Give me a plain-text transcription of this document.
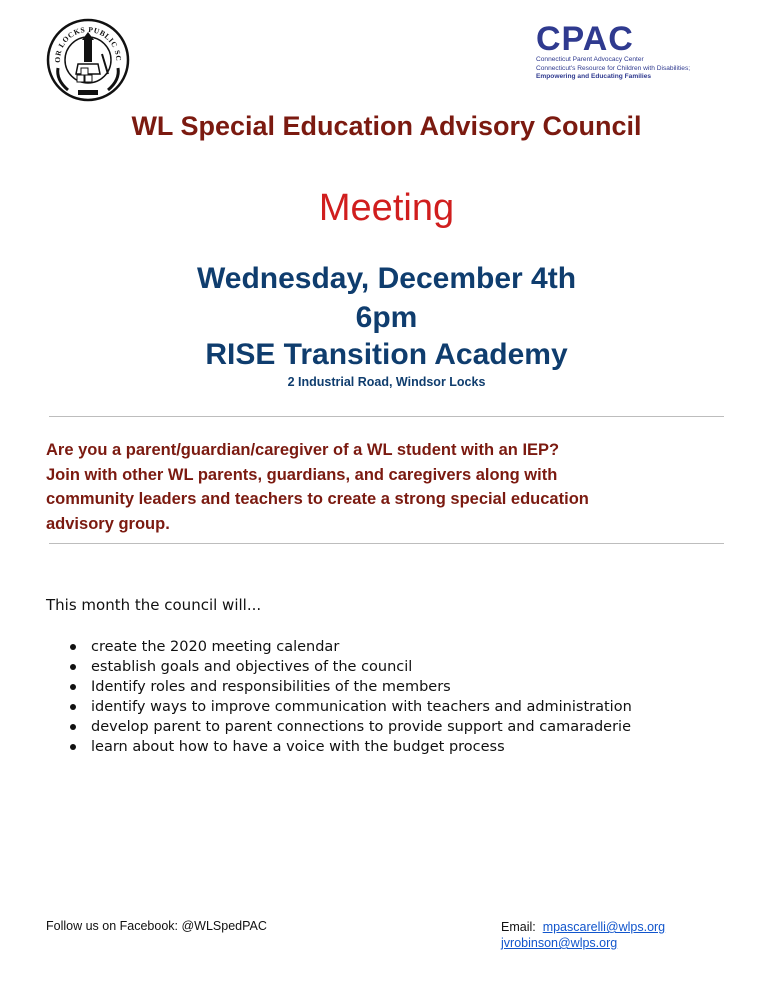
OR LOCKS PUBLIC SC
CPAC
Connecticut Parent Advocacy Center
Connecticut's Resource for Children with Disabilities;
Empowering and Educating Families
WL Special Education Advisory Council
Meeting
Wednesday, December 4th
6pm
RISE Transition Academy
2 Industrial Road, Windsor Locks
Are you a parent/guardian/caregiver of a WL student with an IEP?
Join with other WL parents, guardians, and caregivers along with
community leaders and teachers to create a strong special education
advisory group.
This month the council will...
create the 2020 meeting calendar
establish goals and objectives of the council
Identify roles and responsibilities of the members
identify ways to improve communication with teachers and administration
develop parent to parent connections to provide support and camaraderie
learn about how to have a voice with the budget process
Follow us on Facebook: @WLSpedPAC	Email: mpascarelli@wlps.org
jvrobinson@wlps.org
